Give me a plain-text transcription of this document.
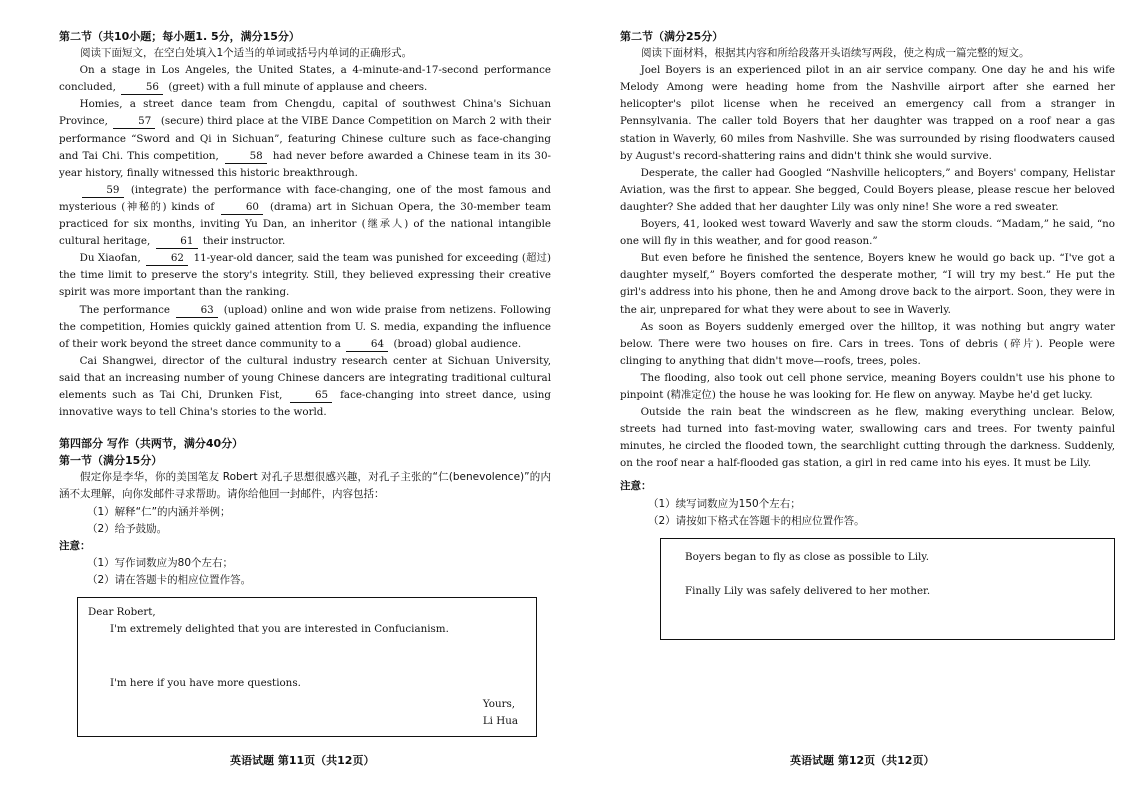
第二节（共10小题；每小题1. 5分，满分15分）

阅读下面短文，在空白处填入1个适当的单词或括号内单词的正确形式。

On a stage in Los Angeles, the United States, a 4-minute-and-17-second performance concluded,	56 (greet) with a full minute of applause and cheers.

Homies, a street dance team from Chengdu, capital of southwest China's Sichuan Province,	57 (secure) third place at the VIBE Dance Competition on March 2 with their performance “Sword and Qi in Sichuan”, featuring Chinese culture such as face-changing and Tai Chi. This competition,	58 had never before awarded a Chinese team in its 30-year history, finally witnessed this historic breakthrough.

59 (integrate) the performance with face-changing, one of the most famous and mysterious (神秘的) kinds of	60 (drama) art in Sichuan Opera, the 30-member team practiced for six months, inviting Yu Dan, an inheritor (继承人) of the national intangible cultural heritage,	61 their instructor.

Du Xiaofan,	62 11-year-old dancer, said the team was punished for exceeding (超过) the time limit to preserve the story's integrity. Still, they believed expressing their creative spirit was more important than the ranking.

The performance	63 (upload) online and won wide praise from netizens. Following the competition, Homies quickly gained attention from U. S. media, expanding the influence of their work beyond the street dance community to a	64 (broad) global audience.

Cai Shangwei, director of the cultural industry research center at Sichuan University, said that an increasing number of young Chinese dancers are integrating traditional cultural elements such as Tai Chi, Drunken Fist,	65 face-changing into street dance, using innovative ways to tell China's stories to the world.

第四部分 写作（共两节，满分40分）

第一节（满分15分）

假定你是李华，你的美国笔友 Robert 对孔子思想很感兴趣，对孔子主张的“仁(benevolence)”的内涵不太理解，向你发邮件寻求帮助。请你给他回一封邮件，内容包括：

（1）解释“仁”的内涵并举例；

（2）给予鼓励。

注意：

（1）写作词数应为80个左右；

（2）请在答题卡的相应位置作答。

Dear Robert,

I'm extremely delighted that you are interested in Confucianism.

I'm here if you have more questions.

Yours,

Li Hua

第二节（满分25分）

阅读下面材料，根据其内容和所给段落开头语续写两段，使之构成一篇完整的短文。

Joel Boyers is an experienced pilot in an air service company. One day he and his wife Melody Among were heading home from the Nashville airport after she earned her helicopter's pilot license when he received an emergency call from a stranger in Pennsylvania. The caller told Boyers that her daughter was trapped on a roof near a gas station in Waverly, 60 miles from Nashville. She was surrounded by rising floodwaters caused by August's record-shattering rains and didn't think she would survive.

Desperate, the caller had Googled “Nashville helicopters,” and Boyers' company, Helistar Aviation, was the first to appear. She begged, Could Boyers please, please rescue her beloved daughter? She added that her daughter Lily was only nine! She wore a red sweater.

Boyers, 41, looked west toward Waverly and saw the storm clouds. “Madam,” he said, “no one will fly in this weather, and for good reason.”

But even before he finished the sentence, Boyers knew he would go back up. “I've got a daughter myself,” Boyers comforted the desperate mother, “I will try my best.” He put the girl's address into his phone, then he and Among drove back to the airport. Soon, they were in the air, unprepared for what they were about to see in Waverly.

As soon as Boyers suddenly emerged over the hilltop, it was nothing but angry water below. There were two houses on fire. Cars in trees. Tons of debris (碎片). People were clinging to anything that didn't move—roofs, trees, poles.

The flooding, also took out cell phone service, meaning Boyers couldn't use his phone to pinpoint (精准定位) the house he was looking for. He flew on anyway. Maybe he'd get lucky.

Outside the rain beat the windscreen as he flew, making everything unclear. Below, streets had turned into fast-moving water, swallowing cars and trees. For twenty painful minutes, he circled the flooded town, the searchlight cutting through the darkness. Suddenly, on the roof near a half-flooded gas station, a girl in red came into his eyes. It must be Lily.

注意：

（1）续写词数应为150个左右；

（2）请按如下格式在答题卡的相应位置作答。

Boyers began to fly as close as possible to Lily.

Finally Lily was safely delivered to her mother.

英语试题 第11页（共12页）	英语试题 第12页（共12页）
